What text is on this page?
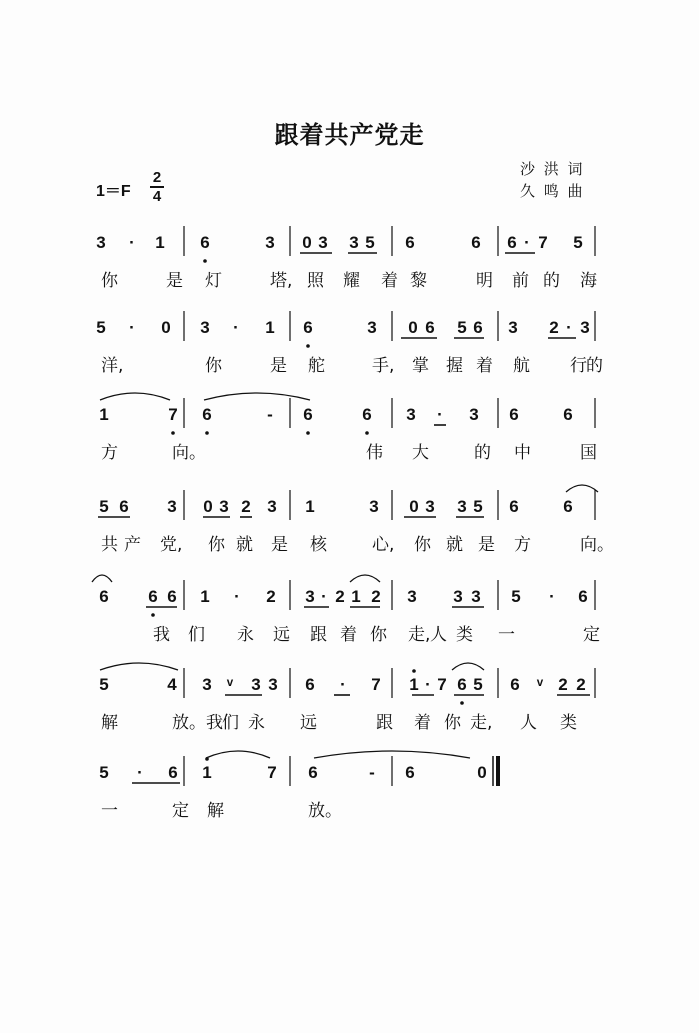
跟着共产党走
沙 洪 词
久 鸣 曲
1＝F
2
4
3 · 1 6	3 0 3 3 5 6	6 6 · 7 5
你	是 灯	塔, 照 耀 着 黎	明 前 的 海
5 · 0 3 · 1 6	3 0 6 5 6 3 2 · 3
洋,	你	是 舵	手, 掌 握 着 航 行 的
1	7 6	- 6	6 3 · 3 6	6
方	向。	伟 大	的 中	国
5 6 3 0 3 2 3 1	3 0 3 3 5 6	6
共 产 党, 你 就 是 核	心, 你 就 是 方	向。
6 6 6 1 · 2 3 · 2 1 2 3 3 3 5 · 6
我 们 永 远 跟 着 你 走, 人 类 一	定
5	4 3 ᵛ 3 3 6 · 7 1 · 7 6 5 6 ᵛ 2 2
解	放。 我 们 永 远	跟 着 你 走, 人 类
5 · 6 1	7 6	- 6	0
一	定 解	放。
